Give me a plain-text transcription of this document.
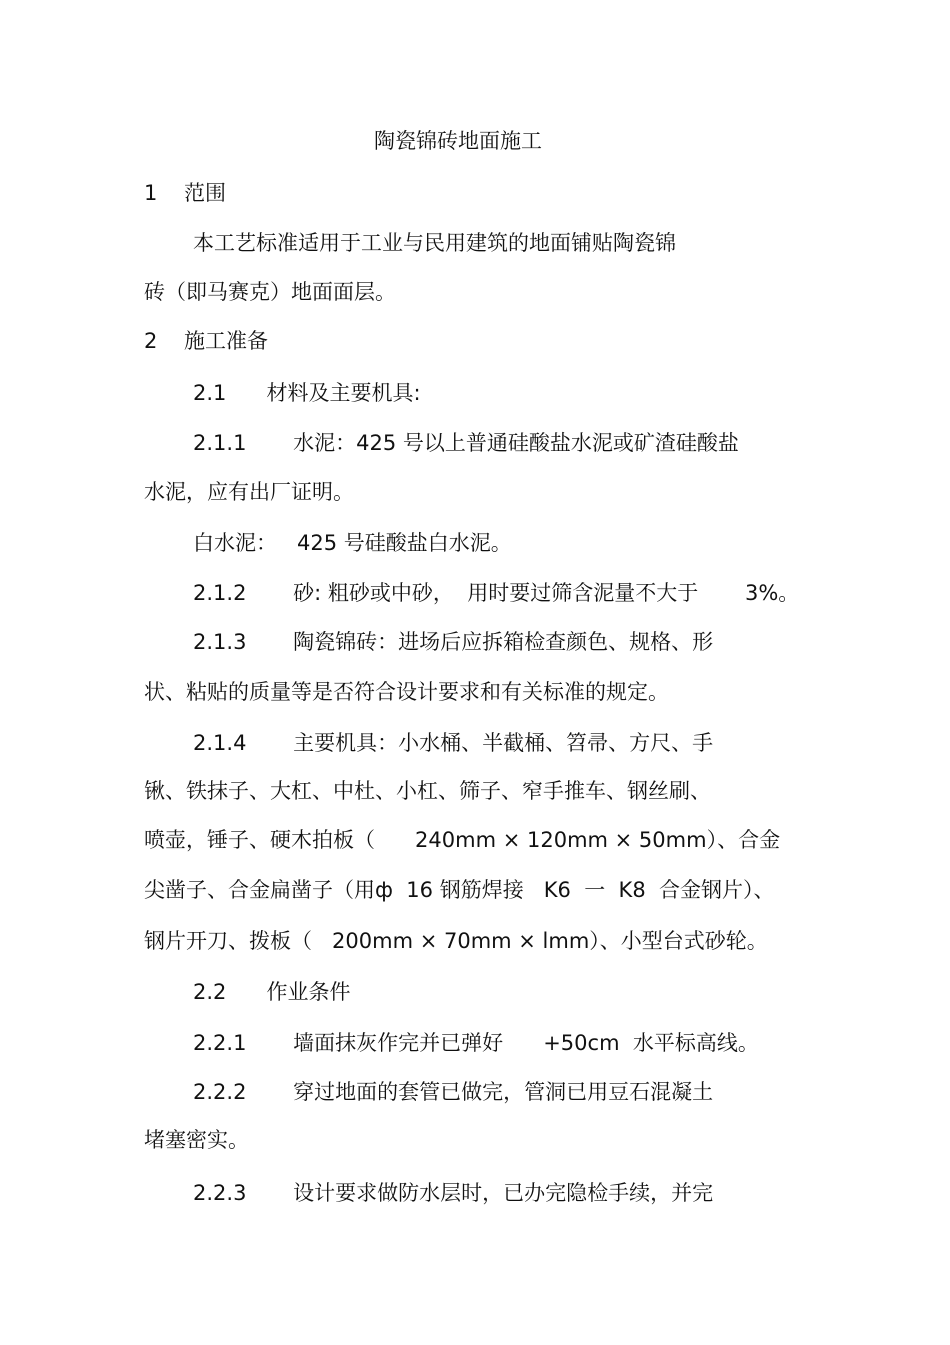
陶瓷锦砖地面施工
1    范围
本工艺标准适用于工业与民用建筑的地面铺贴陶瓷锦
砖（即马赛克）地面面层。
2    施工准备
2.1      材料及主要机具:
2.1.1       水泥：425 号以上普通硅酸盐水泥或矿渣硅酸盐
水泥，应有出厂证明。
白水泥：   425 号硅酸盐白水泥。
2.1.2       砂: 粗砂或中砂，  用时要过筛含泥量不大于       3%。
2.1.3       陶瓷锦砖：进场后应拆箱检查颜色、规格、形
状、粘贴的质量等是否符合设计要求和有关标准的规定。
2.1.4       主要机具：小水桶、半截桶、笤帚、方尺、手
锹、铁抹子、大杠、中杜、小杠、筛子、窄手推车、钢丝刷、
喷壶，锤子、硬木拍板（      240mm × 120mm × 50mm）、合金
尖凿子、合金扁凿子（用ф  16 钢筋焊接   K6  一  K8  合金钢片）、
钢片开刀、拨板（   200mm × 70mm × lmm）、小型台式砂轮。
2.2      作业条件
2.2.1       墙面抹灰作完并已弹好      +50cm  水平标高线。
2.2.2       穿过地面的套管已做完，管洞已用豆石混凝土
堵塞密实。
2.2.3       设计要求做防水层时，已办完隐检手续，并完
